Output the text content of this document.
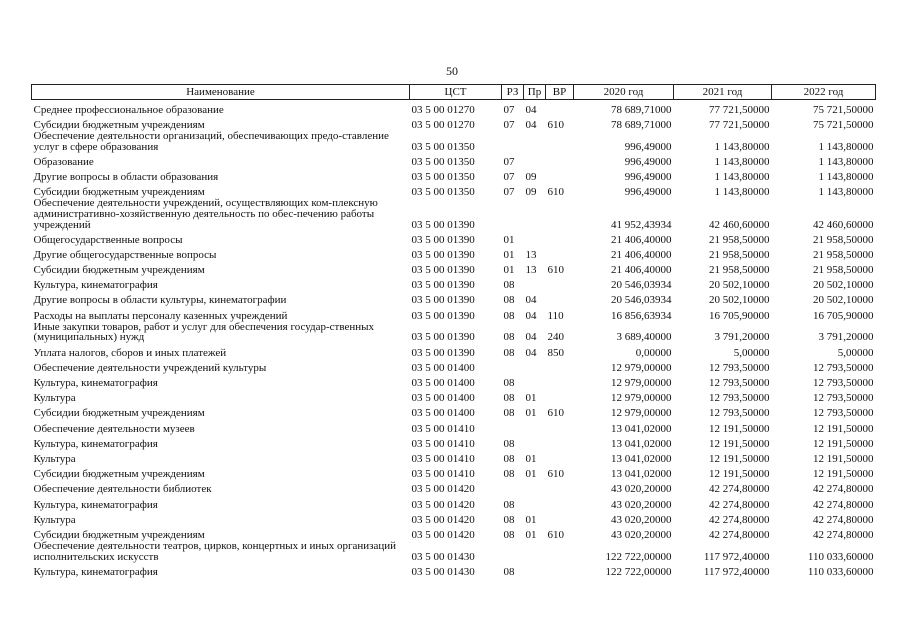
50
Наименование	ЦСТ	РЗ	Пр	ВР	2020 год	2021 год	2022 год
Среднее профессиональное образование	03 5 00 01270	07	04		78 689,71000	77 721,50000	75 721,50000
Субсидии бюджетным учреждениям	03 5 00 01270	07	04	610	78 689,71000	77 721,50000	75 721,50000
Обеспечение деятельности организаций, обеспечивающих предо-ставление услуг в сфере образования	03 5 00 01350				996,49000	1 143,80000	1 143,80000
Образование	03 5 00 01350	07			996,49000	1 143,80000	1 143,80000
Другие вопросы в области образования	03 5 00 01350	07	09		996,49000	1 143,80000	1 143,80000
Субсидии бюджетным учреждениям	03 5 00 01350	07	09	610	996,49000	1 143,80000	1 143,80000
Обеспечение деятельности учреждений, осуществляющих ком-плексную административно-хозяйственную деятельность по обес-печению работы учреждений	03 5 00 01390				41 952,43934	42 460,60000	42 460,60000
Общегосударственные вопросы	03 5 00 01390	01			21 406,40000	21 958,50000	21 958,50000
Другие общегосударственные вопросы	03 5 00 01390	01	13		21 406,40000	21 958,50000	21 958,50000
Субсидии бюджетным учреждениям	03 5 00 01390	01	13	610	21 406,40000	21 958,50000	21 958,50000
Культура, кинематография	03 5 00 01390	08			20 546,03934	20 502,10000	20 502,10000
Другие вопросы в области культуры, кинематографии	03 5 00 01390	08	04		20 546,03934	20 502,10000	20 502,10000
Расходы на выплаты персоналу казенных учреждений	03 5 00 01390	08	04	110	16 856,63934	16 705,90000	16 705,90000
Иные закупки товаров, работ и услуг для обеспечения государ-ственных (муниципальных) нужд	03 5 00 01390	08	04	240	3 689,40000	3 791,20000	3 791,20000
Уплата налогов, сборов и иных платежей	03 5 00 01390	08	04	850	0,00000	5,00000	5,00000
Обеспечение деятельности учреждений культуры	03 5 00 01400				12 979,00000	12 793,50000	12 793,50000
Культура, кинематография	03 5 00 01400	08			12 979,00000	12 793,50000	12 793,50000
Культура	03 5 00 01400	08	01		12 979,00000	12 793,50000	12 793,50000
Субсидии бюджетным учреждениям	03 5 00 01400	08	01	610	12 979,00000	12 793,50000	12 793,50000
Обеспечение деятельности музеев	03 5 00 01410				13 041,02000	12 191,50000	12 191,50000
Культура, кинематография	03 5 00 01410	08			13 041,02000	12 191,50000	12 191,50000
Культура	03 5 00 01410	08	01		13 041,02000	12 191,50000	12 191,50000
Субсидии бюджетным учреждениям	03 5 00 01410	08	01	610	13 041,02000	12 191,50000	12 191,50000
Обеспечение деятельности библиотек	03 5 00 01420				43 020,20000	42 274,80000	42 274,80000
Культура, кинематография	03 5 00 01420	08			43 020,20000	42 274,80000	42 274,80000
Культура	03 5 00 01420	08	01		43 020,20000	42 274,80000	42 274,80000
Субсидии бюджетным учреждениям	03 5 00 01420	08	01	610	43 020,20000	42 274,80000	42 274,80000
Обеспечение деятельности театров, цирков, концертных и иных организаций исполнительских искусств	03 5 00 01430				122 722,00000	117 972,40000	110 033,60000
Культура, кинематография	03 5 00 01430	08			122 722,00000	117 972,40000	110 033,60000
